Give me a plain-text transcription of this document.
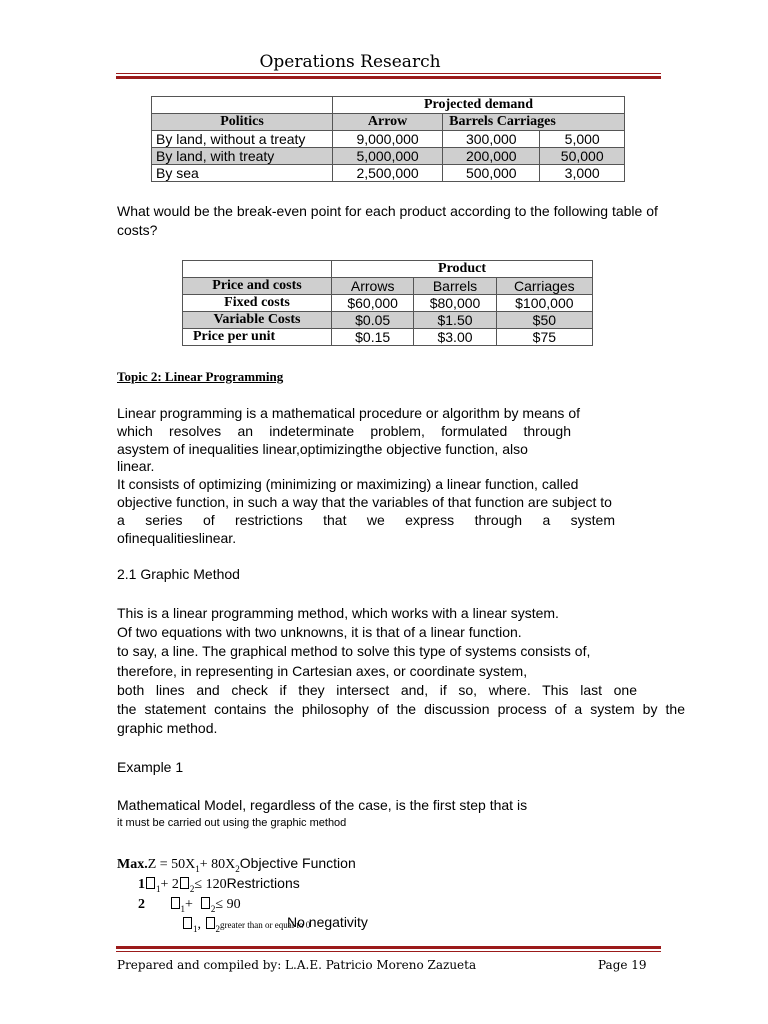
Operations Research
	Projected demand		
Politics	Arrow	Barrels Carriages	
By land, without a treaty	9,000,000	300,000	5,000
By land, with treaty	5,000,000	200,000	50,000
By sea	2,500,000	500,000	3,000

What would be the break-even point for each product according to the following table of costs?

	Product		
Price and costs	Arrows	Barrels	Carriages
Fixed costs	$60,000	$80,000	$100,000
Variable Costs	$0.05	$1.50	$50
Price per unit	$0.15	$3.00	$75
Topic 2: Linear Programming
Linear programming is a mathematical procedure or algorithm by means of
which resolves an indeterminate problem, formulated through
asystem of inequalities linear,optimizingthe objective function, also
linear.
It consists of optimizing (minimizing or maximizing) a linear function, called
objective function, in such a way that the variables of that function are subject to
a series of restrictions that we express through a system
ofinequalitieslinear.
2.1 Graphic Method
This is a linear programming method, which works with a linear system.
Of two equations with two unknowns, it is that of a linear function.
to say, a line. The graphical method to solve this type of systems consists of,
therefore, in representing in Cartesian axes, or coordinate system,
both lines and check if they intersect and, if so, where. This last one
the statement contains the philosophy of the discussion process of a system by the
graphic method.
Example 1
Mathematical Model, regardless of the case, is the first step that is
it must be carried out using the graphic method
$Max.Z = 50X_1+$ $80X_2Objective$ Function
1 $_1$+ 2 $_2$≤ 120Restrictions
2	$_1$+ $_2$≤ 90
$_1$, $_2$greater than or equal to 0
No negativity
Prepared and compiled by: L.A.E. Patricio Moreno Zazueta	Page 19
